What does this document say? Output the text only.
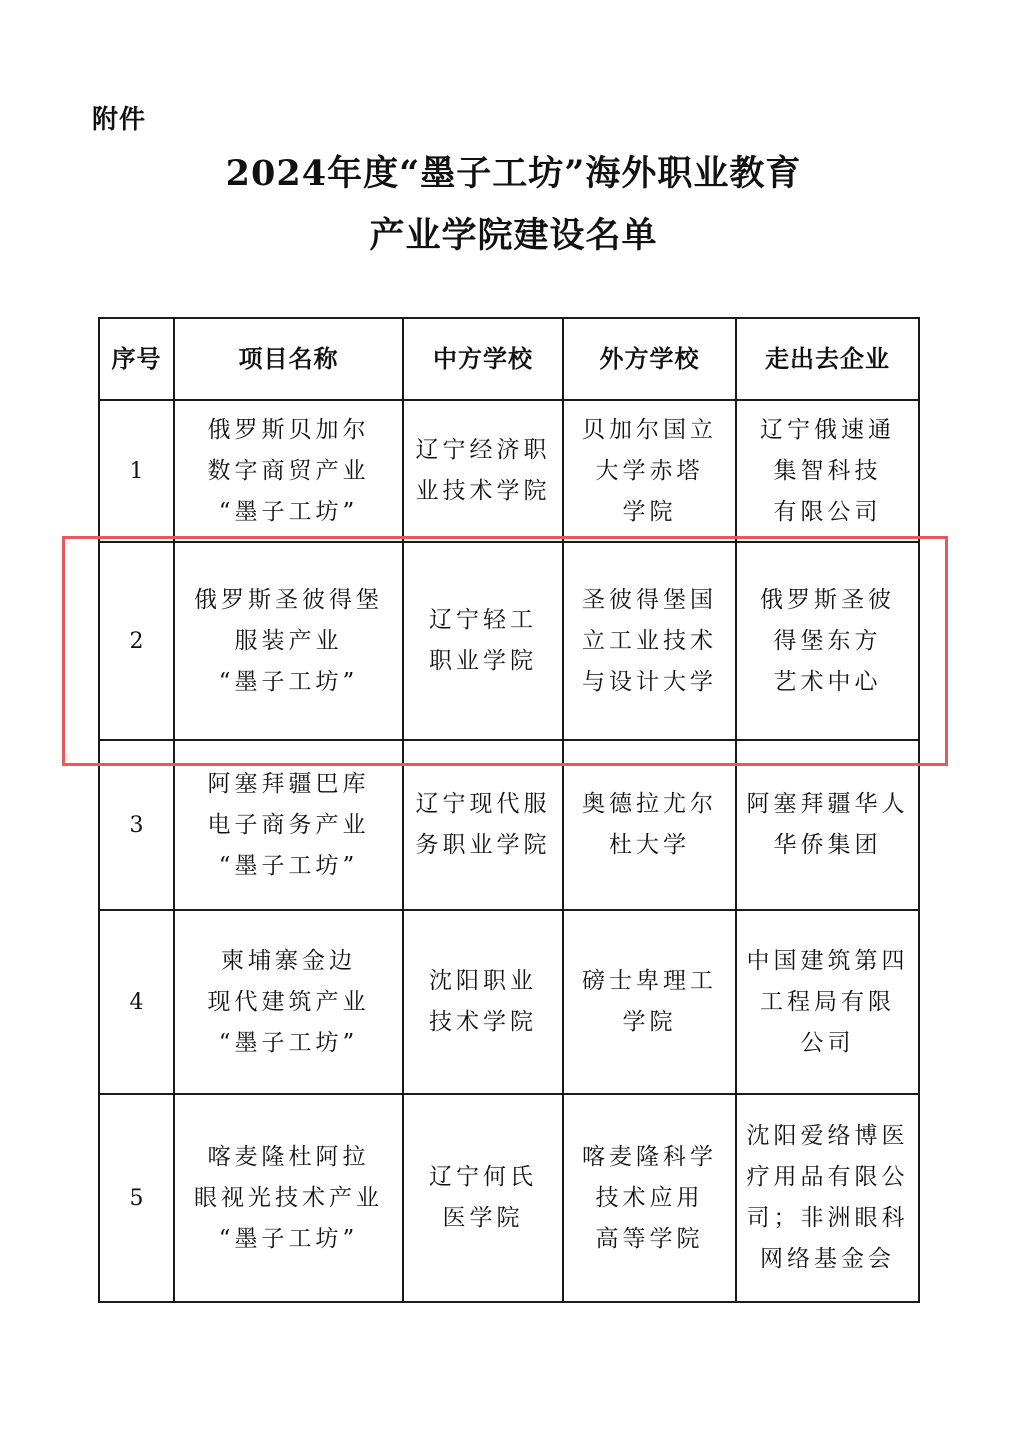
附件
2024年度“墨子工坊”海外职业教育
产业学院建设名单
序号	项目名称	中方学校	外方学校	走出去企业
1	俄罗斯贝加尔
数字商贸产业
“墨子工坊”	辽宁经济职
业技术学院	贝加尔国立
大学赤塔
学院	辽宁俄速通
集智科技
有限公司

2	俄罗斯圣彼得堡
服装产业
“墨子工坊”	辽宁轻工
职业学院	圣彼得堡国
立工业技术
与设计大学	俄罗斯圣彼
得堡东方
艺术中心

3	阿塞拜疆巴库
电子商务产业
“墨子工坊”	辽宁现代服
务职业学院	奥德拉尤尔
杜大学	阿塞拜疆华人
华侨集团

4	柬埔寨金边
现代建筑产业
“墨子工坊”	沈阳职业
技术学院	磅士卑理工
学院	中国建筑第四
工程局有限
公司

5	喀麦隆杜阿拉
眼视光技术产业
“墨子工坊”	辽宁何氏
医学院	喀麦隆科学
技术应用
高等学院	沈阳爱络博医
疗用品有限公
司；非洲眼科
网络基金会
